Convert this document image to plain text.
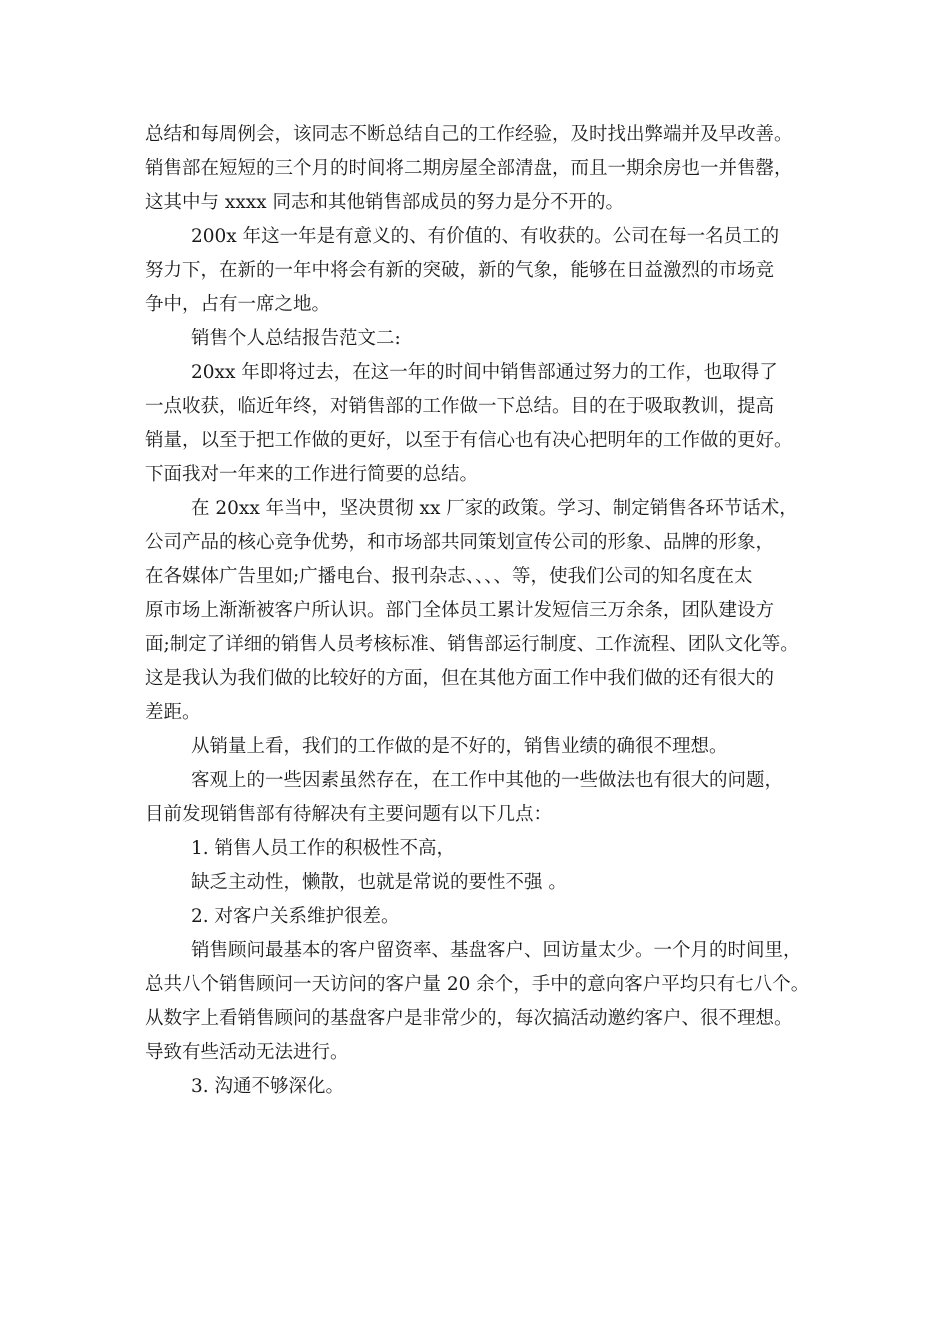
总结和每周例会，该同志不断总结自己的工作经验，及时找出弊端并及早改善。
销售部在短短的三个月的时间将二期房屋全部清盘，而且一期余房也一并售罄，
这其中与 xxxx 同志和其他销售部成员的努力是分不开的。
200x 年这一年是有意义的、有价值的、有收获的。公司在每一名员工的
努力下，在新的一年中将会有新的突破，新的气象，能够在日益激烈的市场竞
争中，占有一席之地。
销售个人总结报告范文二:
20xx 年即将过去，在这一年的时间中销售部通过努力的工作，也取得了
一点收获，临近年终，对销售部的工作做一下总结。目的在于吸取教训，提高
销量，以至于把工作做的更好，以至于有信心也有决心把明年的工作做的更好。
下面我对一年来的工作进行简要的总结。
在 20xx 年当中，坚决贯彻 xx 厂家的政策。学习、制定销售各环节话术，
公司产品的核心竞争优势，和市场部共同策划宣传公司的形象、品牌的形象，
在各媒体广告里如;广播电台、报刊杂志、、、、等，使我们公司的知名度在太
原市场上渐渐被客户所认识。部门全体员工累计发短信三万余条，团队建设方
面;制定了详细的销售人员考核标准、销售部运行制度、工作流程、团队文化等。
这是我认为我们做的比较好的方面，但在其他方面工作中我们做的还有很大的
差距。
从销量上看，我们的工作做的是不好的，销售业绩的确很不理想。
客观上的一些因素虽然存在，在工作中其他的一些做法也有很大的问题，
目前发现销售部有待解决有主要问题有以下几点：
1. 销售人员工作的积极性不高，
缺乏主动性，懒散，也就是常说的要性不强 。
2. 对客户关系维护很差。
销售顾问最基本的客户留资率、基盘客户、回访量太少。一个月的时间里，
总共八个销售顾问一天访问的客户量 20 余个，手中的意向客户平均只有七八个。
从数字上看销售顾问的基盘客户是非常少的，每次搞活动邀约客户、很不理想。
导致有些活动无法进行。
3. 沟通不够深化。
